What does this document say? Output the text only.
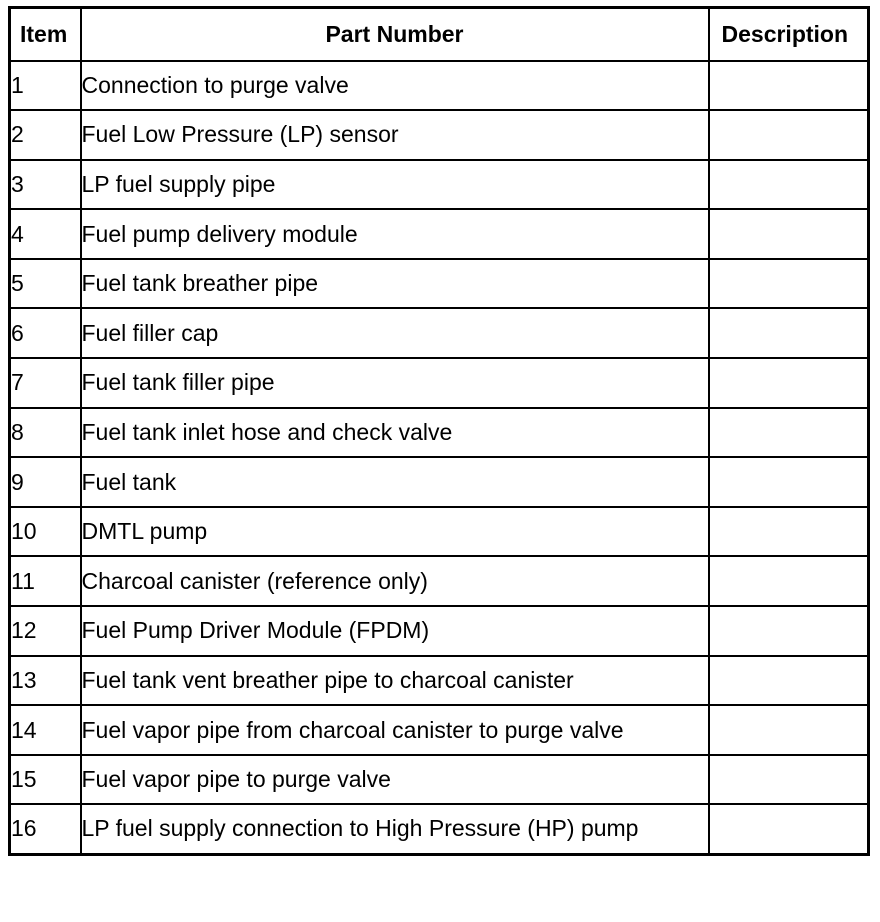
Item	Part Number	Description
1	Connection to purge valve	
2	Fuel Low Pressure (LP) sensor	
3	LP fuel supply pipe	
4	Fuel pump delivery module	
5	Fuel tank breather pipe	
6	Fuel filler cap	
7	Fuel tank filler pipe	
8	Fuel tank inlet hose and check valve	
9	Fuel tank	
10	DMTL pump	
11	Charcoal canister (reference only)	
12	Fuel Pump Driver Module (FPDM)	
13	Fuel tank vent breather pipe to charcoal canister	
14	Fuel vapor pipe from charcoal canister to purge valve	
15	Fuel vapor pipe to purge valve	
16	LP fuel supply connection to High Pressure (HP) pump	
